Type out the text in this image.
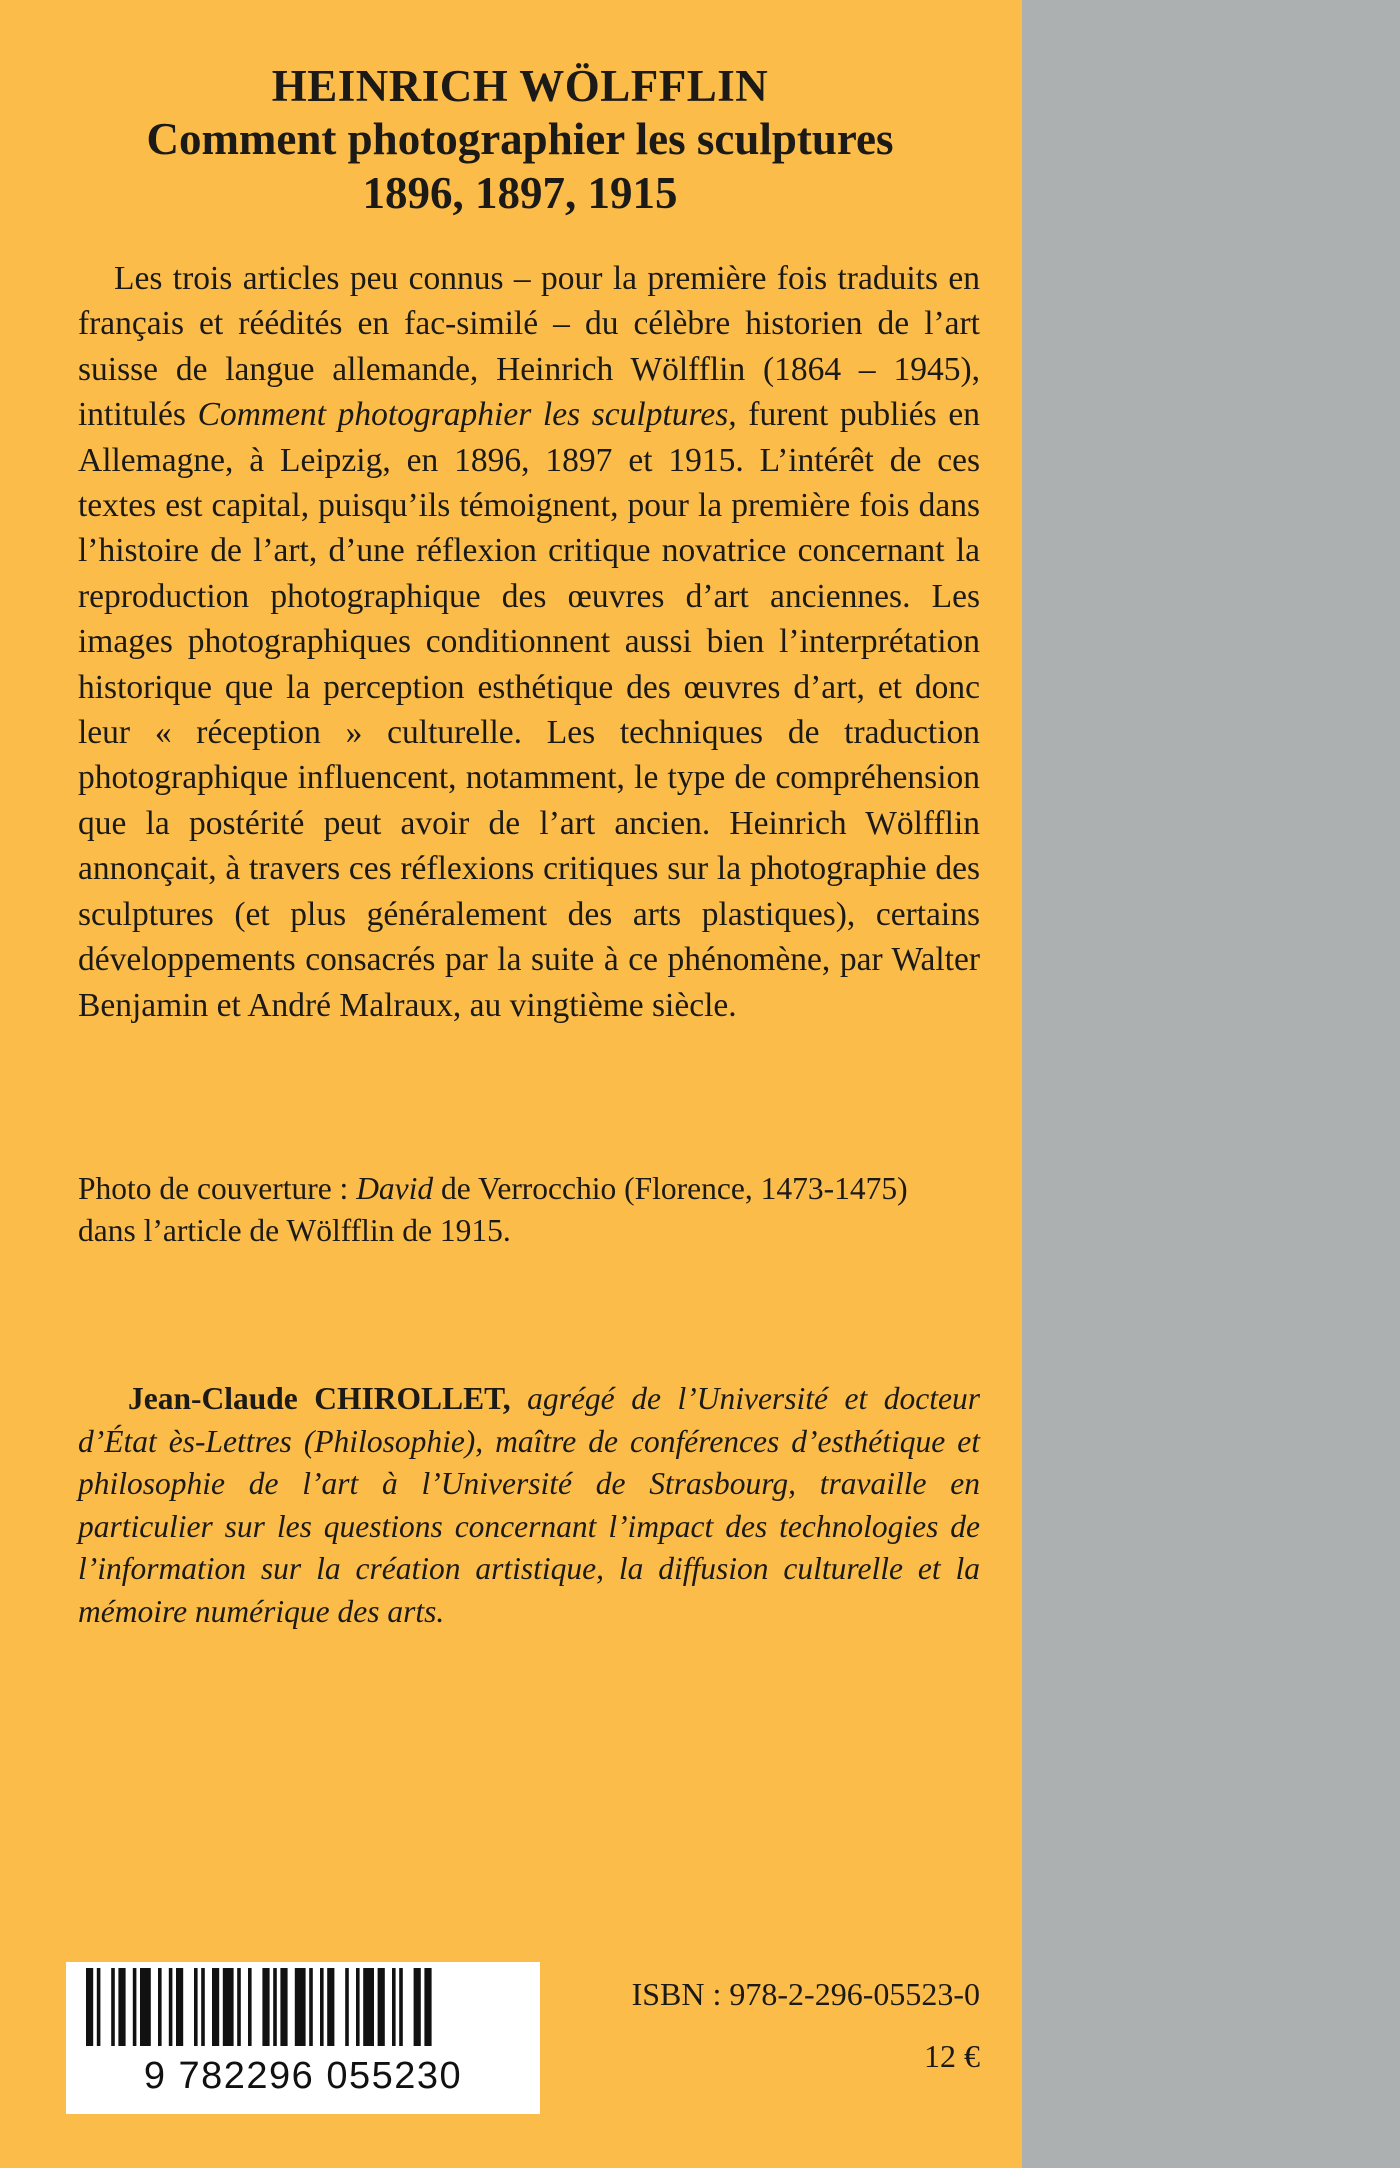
HEINRICH WÖLFFLIN
Comment photographier les sculptures
1896, 1897, 1915

Les trois articles peu connus – pour la première fois traduits en français et réédités en fac-similé – du célèbre historien de l’art suisse de langue allemande, Heinrich Wölfflin (1864 – 1945), intitulés Comment photographier les sculptures, furent publiés en Allemagne, à Leipzig, en 1896, 1897 et 1915. L’intérêt de ces textes est capital, puisqu’ils témoignent, pour la première fois dans l’histoire de l’art, d’une réflexion critique novatrice concernant la reproduction photographique des œuvres d’art anciennes. Les images photographiques conditionnent aussi bien l’interprétation historique que la perception esthétique des œuvres d’art, et donc leur « réception » culturelle. Les techniques de traduction photographique influencent, notamment, le type de compréhension que la postérité peut avoir de l’art ancien. Heinrich Wölfflin annonçait, à travers ces réflexions critiques sur la photographie des sculptures (et plus généralement des arts plastiques), certains développements consacrés par la suite à ce phénomène, par Walter Benjamin et André Malraux, au vingtième siècle.

Photo de couverture : David de Verrocchio (Florence, 1473-1475)
dans l’article de Wölfflin de 1915.

Jean-Claude CHIROLLET, agrégé de l’Université et docteur d’État ès-Lettres (Philosophie), maître de conférences d’esthétique et philosophie de l’art à l’Université de Strasbourg, travaille en particulier sur les questions concernant l’impact des technologies de l’information sur la création artistique, la diffusion culturelle et la mémoire numérique des arts.

9 782296 055230
ISBN : 978-2-296-05523-0
12 €
